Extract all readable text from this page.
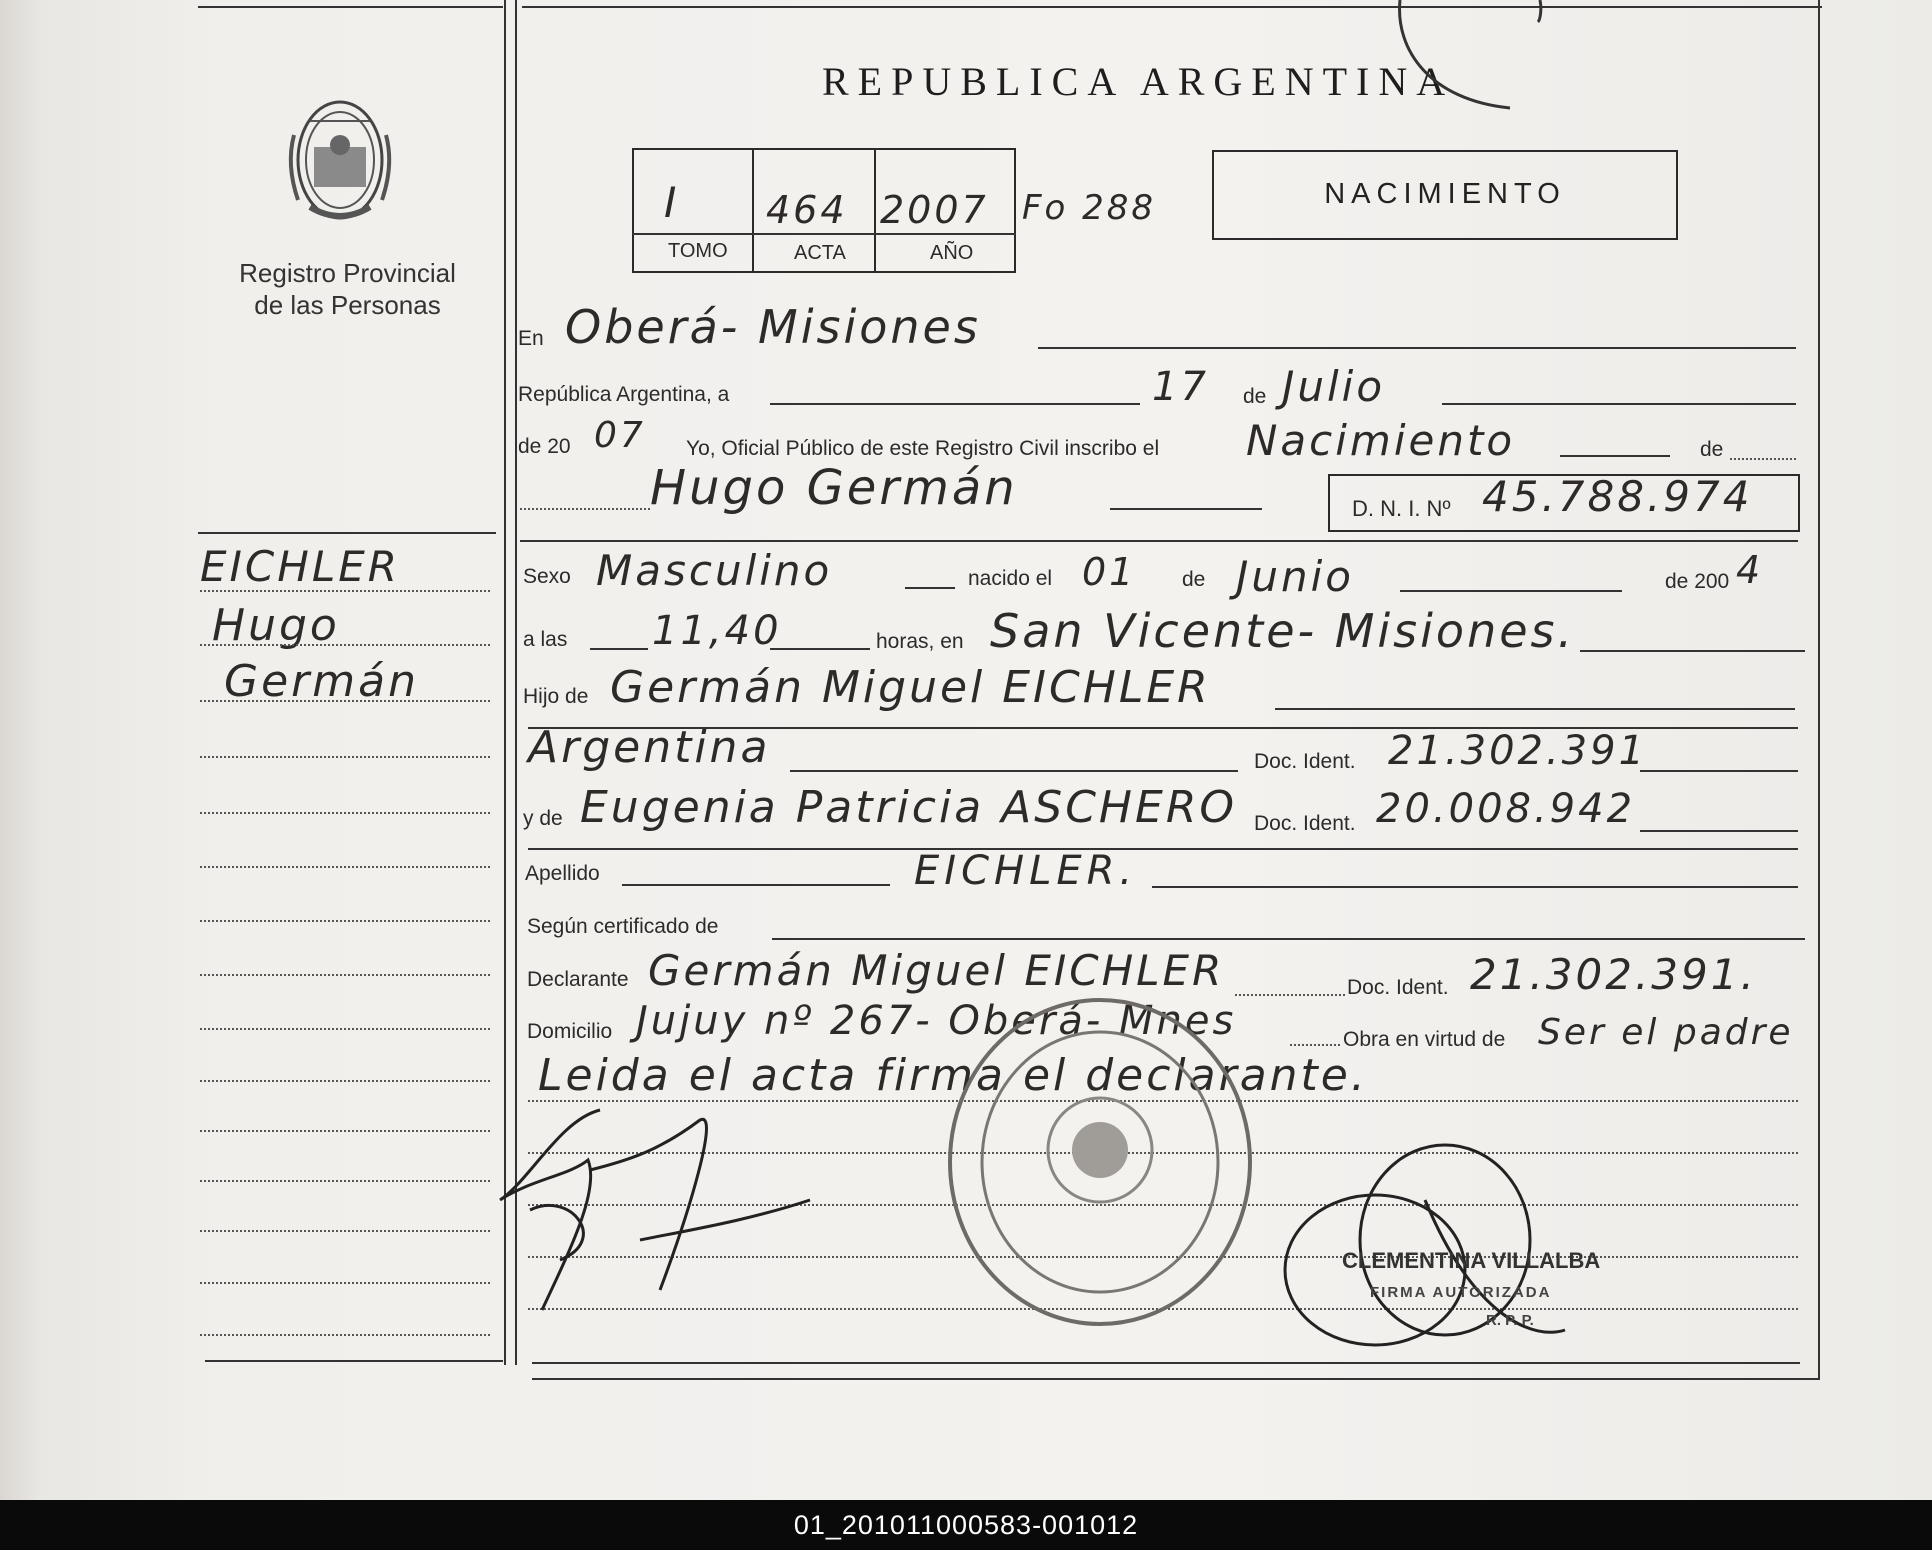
Registro Provincial
de las Personas
REPUBLICA ARGENTINA
I 464 2007
TOMO	ACTA	AÑO
Fo 288	NACIMIENTO
En Oberá- Misiones
República Argentina, a	17 de Julio
de 20 07 Yo, Oficial Público de este Registro Civil inscribo el Nacimiento	de
Hugo Germán	D. N. I. Nº 45.788.974
EICHLER
Hugo
Germán
Sexo Masculino	nacido el 01 de Junio	de 200 4
a las 11,40	horas, en San Vicente- Misiones.
Hijo de Germán Miguel EICHLER
Argentina	Doc. Ident. 21.302.391
y de Eugenia Patricia ASCHERO Doc. Ident. 20.008.942
Apellido	EICHLER.
Según certificado de
Declarante Germán Miguel EICHLER	Doc. Ident. 21.302.391.
Domicilio Jujuy nº 267- Oberá- Mnes	Obra en virtud de Ser el padre
Leida el acta firma el declarante.
CLEMENTINA VILLALBA
FIRMA AUTORIZADA
R. P. P.
01_201011000583-001012
